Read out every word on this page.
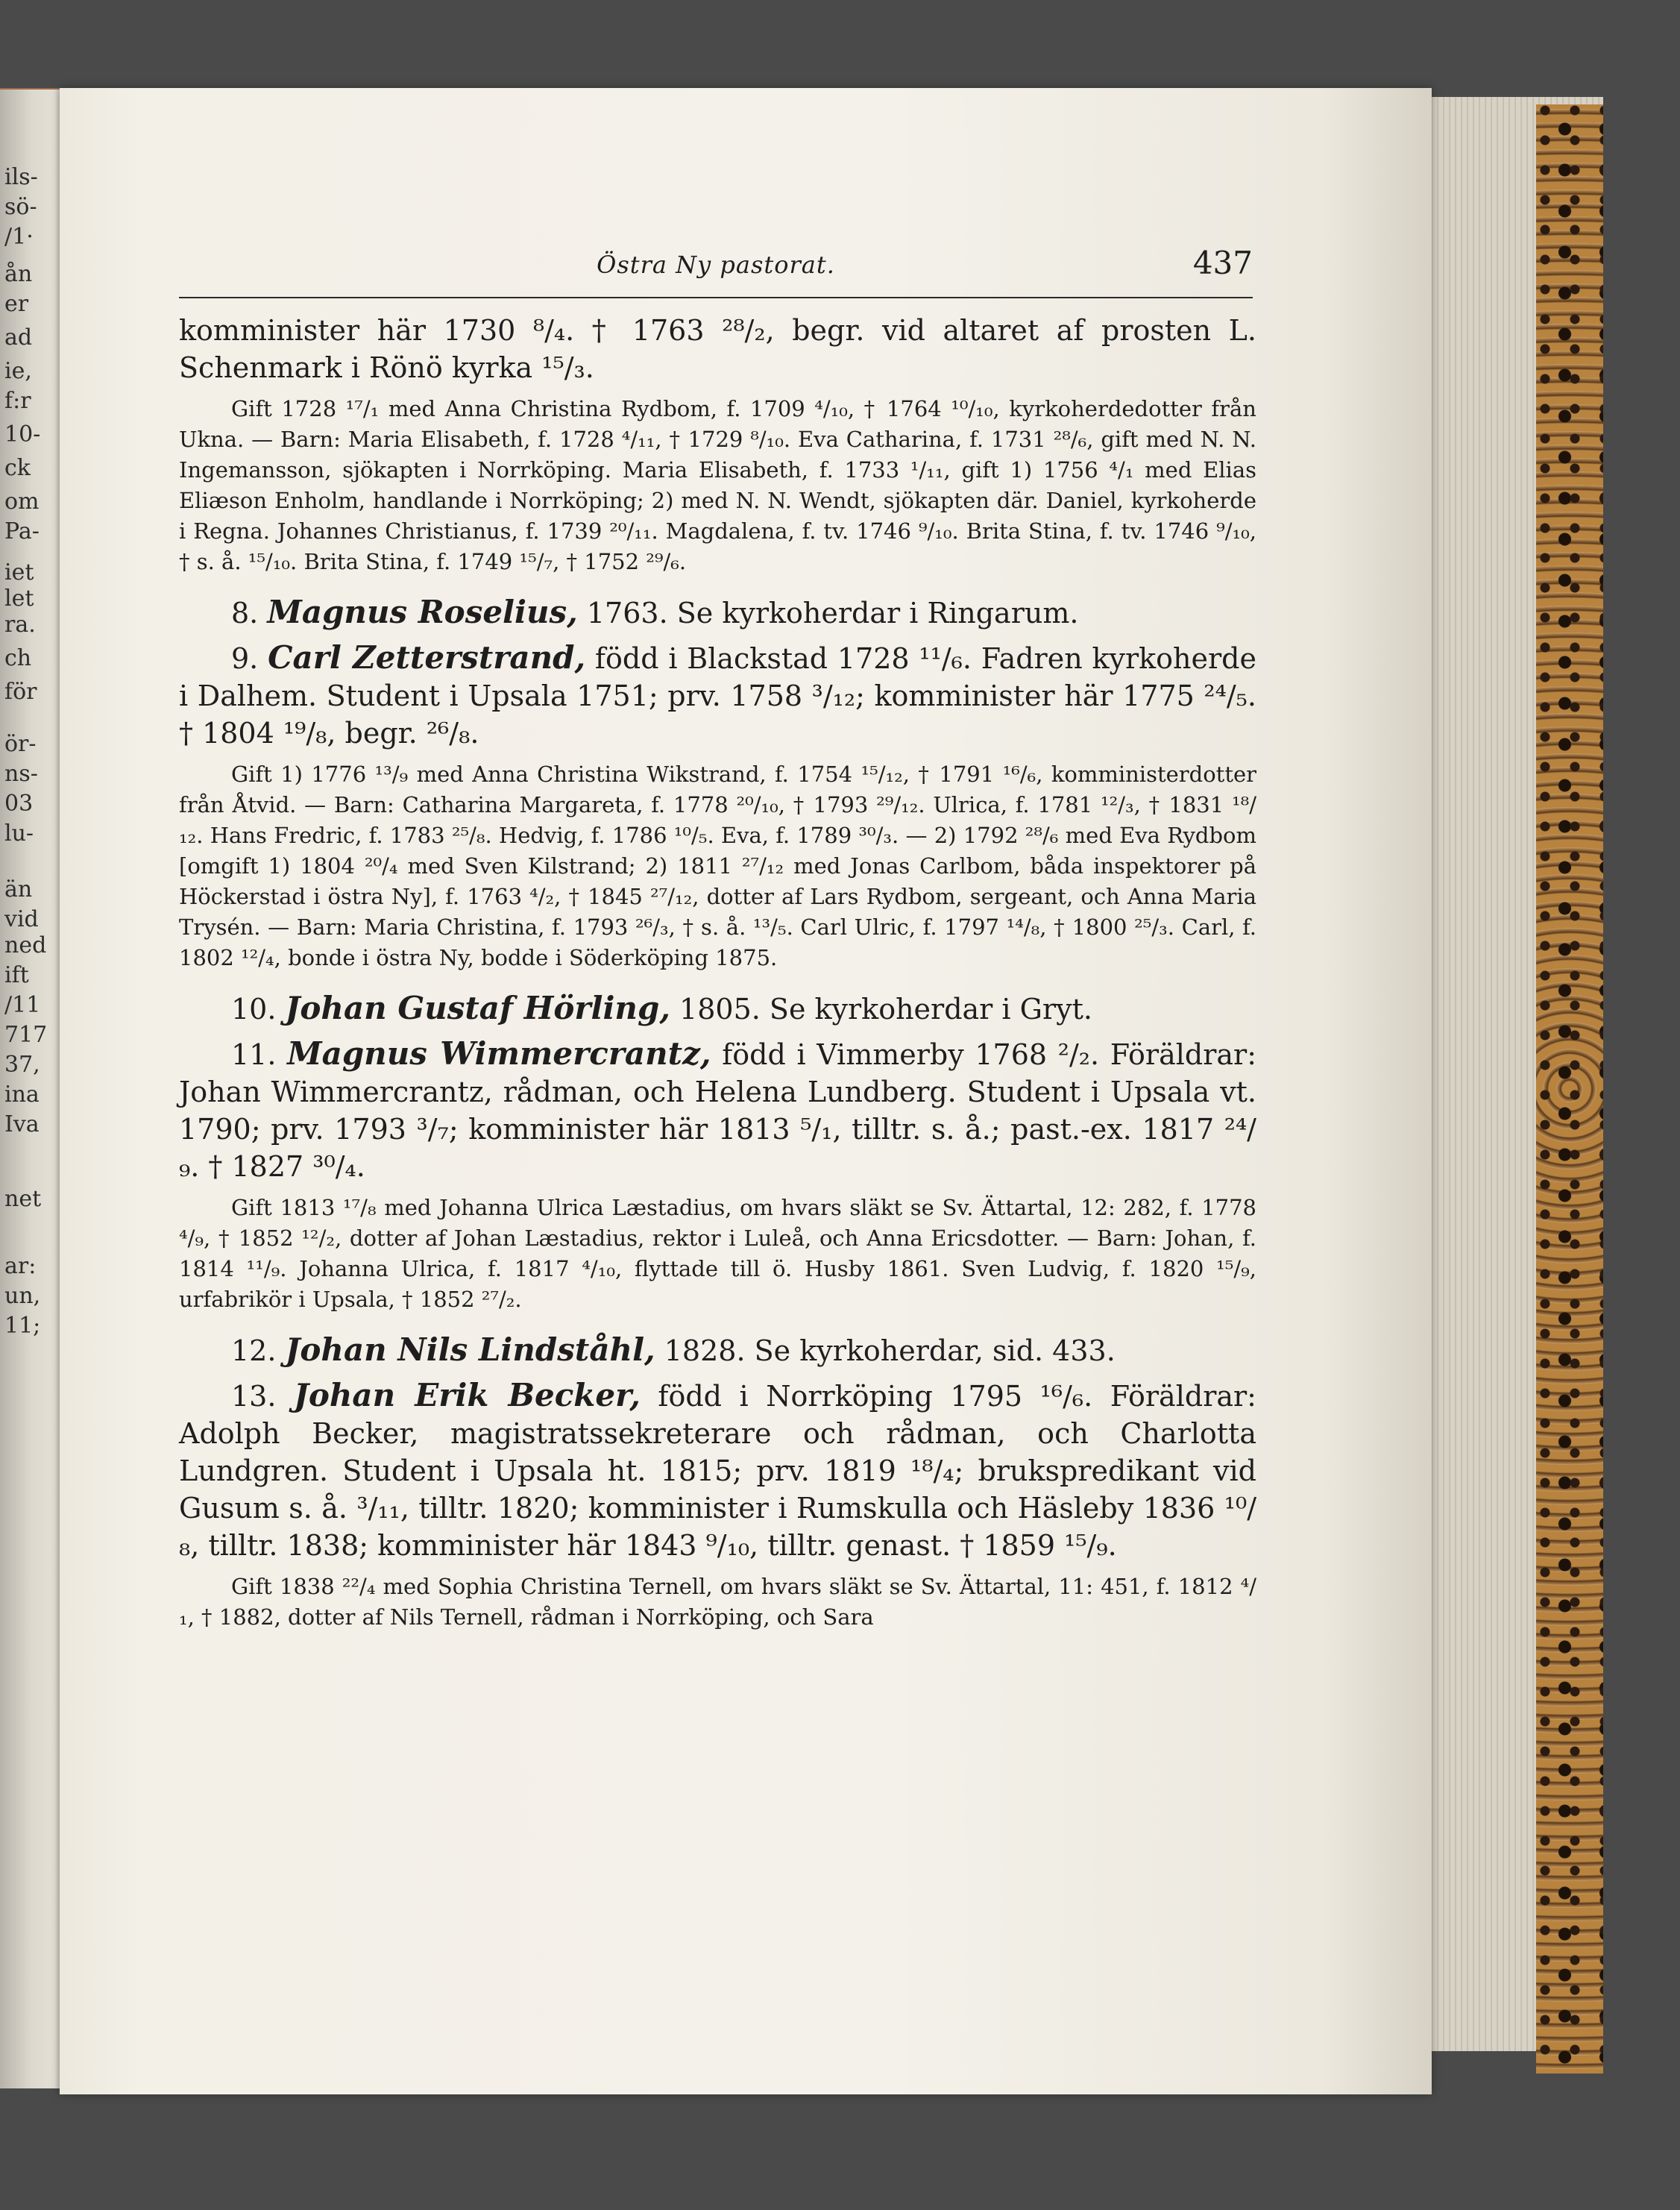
ils-
sö-
/1·
ån
er
ad
ie,
f:r
10-
ck
om
Pa-
iet
let
ra.
ch
för
ör-
ns-
03
lu-
än
vid
ned
ift
/11
717
37,
ina
Iva
net
ar:
un,
11;
Östra Ny pastorat.	437

komminister här 1730 ⁸/₄. † 1763 ²⁸/₂, begr. vid altaret af prosten L. Schenmark i Rönö kyrka ¹⁵/₃.

Gift 1728 ¹⁷/₁ med Anna Christina Rydbom, f. 1709 ⁴/₁₀, † 1764 ¹⁰/₁₀, kyrkoherdedotter från Ukna. — Barn: Maria Elisabeth, f. 1728 ⁴/₁₁, † 1729 ⁸/₁₀. Eva Catharina, f. 1731 ²⁸/₆, gift med N. N. Ingemansson, sjökapten i Norrköping. Maria Elisabeth, f. 1733 ¹/₁₁, gift 1) 1756 ⁴/₁ med Elias Eliæson Enholm, handlande i Norrköping; 2) med N. N. Wendt, sjökapten där. Daniel, kyrkoherde i Regna. Johannes Christianus, f. 1739 ²⁰/₁₁. Magdalena, f. tv. 1746 ⁹/₁₀. Brita Stina, f. tv. 1746 ⁹/₁₀, † s. å. ¹⁵/₁₀. Brita Stina, f. 1749 ¹⁵/₇, † 1752 ²⁹/₆.

8. Magnus Roselius, 1763. Se kyrkoherdar i Ringarum.

9. Carl Zetterstrand, född i Blackstad 1728 ¹¹/₆. Fadren kyrkoherde i Dalhem. Student i Upsala 1751; prv. 1758 ³/₁₂; komminister här 1775 ²⁴/₅. † 1804 ¹⁹/₈, begr. ²⁶/₈.

Gift 1) 1776 ¹³/₉ med Anna Christina Wikstrand, f. 1754 ¹⁵/₁₂, † 1791 ¹⁶/₆, komministerdotter från Åtvid. — Barn: Catharina Margareta, f. 1778 ²⁰/₁₀, † 1793 ²⁹/₁₂. Ulrica, f. 1781 ¹²/₃, † 1831 ¹⁸/₁₂. Hans Fredric, f. 1783 ²⁵/₈. Hedvig, f. 1786 ¹⁰/₅. Eva, f. 1789 ³⁰/₃. — 2) 1792 ²⁸/₆ med Eva Rydbom [omgift 1) 1804 ²⁰/₄ med Sven Kilstrand; 2) 1811 ²⁷/₁₂ med Jonas Carlbom, båda inspektorer på Höckerstad i östra Ny], f. 1763 ⁴/₂, † 1845 ²⁷/₁₂, dotter af Lars Rydbom, sergeant, och Anna Maria Trysén. — Barn: Maria Christina, f. 1793 ²⁶/₃, † s. å. ¹³/₅. Carl Ulric, f. 1797 ¹⁴/₈, † 1800 ²⁵/₃. Carl, f. 1802 ¹²/₄, bonde i östra Ny, bodde i Söderköping 1875.

10. Johan Gustaf Hörling, 1805. Se kyrkoherdar i Gryt.

11. Magnus Wimmercrantz, född i Vimmerby 1768 ²/₂. Föräldrar: Johan Wimmercrantz, rådman, och Helena Lundberg. Student i Upsala vt. 1790; prv. 1793 ³/₇; komminister här 1813 ⁵/₁, tilltr. s. å.; past.-ex. 1817 ²⁴/₉. † 1827 ³⁰/₄.

Gift 1813 ¹⁷/₈ med Johanna Ulrica Læstadius, om hvars släkt se Sv. Ättartal, 12: 282, f. 1778 ⁴/₉, † 1852 ¹²/₂, dotter af Johan Læstadius, rektor i Luleå, och Anna Ericsdotter. — Barn: Johan, f. 1814 ¹¹/₉. Johanna Ulrica, f. 1817 ⁴/₁₀, flyttade till ö. Husby 1861. Sven Ludvig, f. 1820 ¹⁵/₉, urfabrikör i Upsala, † 1852 ²⁷/₂.

12. Johan Nils Lindståhl, 1828. Se kyrkoherdar, sid. 433.

13. Johan Erik Becker, född i Norrköping 1795 ¹⁶/₆. Föräldrar: Adolph Becker, magistratssekreterare och rådman, och Charlotta Lundgren. Student i Upsala ht. 1815; prv. 1819 ¹⁸/₄; brukspredikant vid Gusum s. å. ³/₁₁, tilltr. 1820; komminister i Rumskulla och Häsleby 1836 ¹⁰/₈, tilltr. 1838; komminister här 1843 ⁹/₁₀, tilltr. genast. † 1859 ¹⁵/₉.

Gift 1838 ²²/₄ med Sophia Christina Ternell, om hvars släkt se Sv. Ättartal, 11: 451, f. 1812 ⁴/₁, † 1882, dotter af Nils Ternell, rådman i Norrköping, och Sara
